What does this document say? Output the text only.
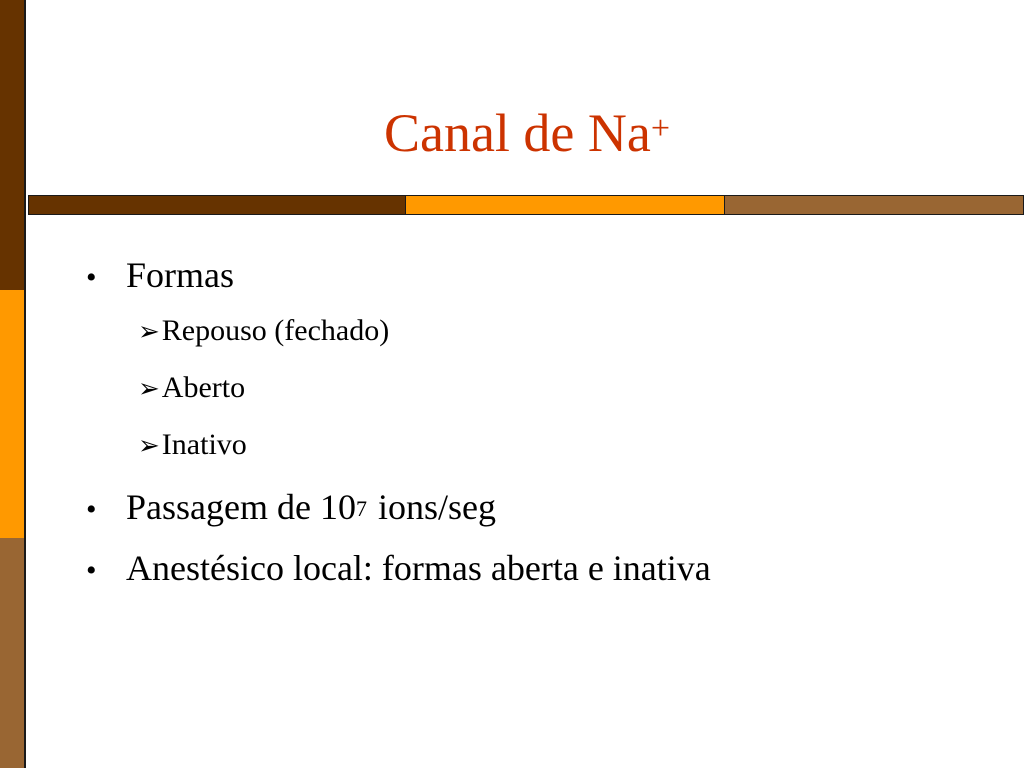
Canal de Na+
• Formas
➢ Repouso (fechado)
➢ Aberto
➢ Inativo
• Passagem de $10^7$ ions/seg
• Anestésico local: formas aberta e inativa
